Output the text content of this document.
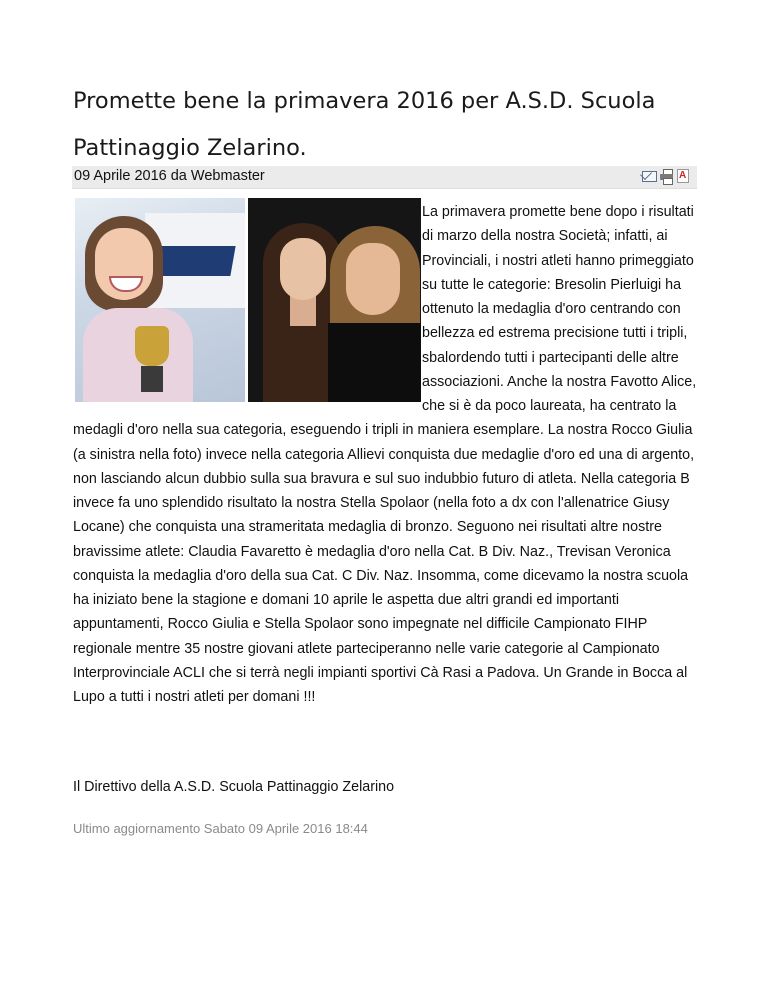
Promette bene la primavera 2016 per A.S.D. Scuola Pattinaggio Zelarino.
09 Aprile 2016 da Webmaster	A

La primavera promette bene dopo i risultati di marzo della nostra Società; infatti, ai Provinciali, i nostri atleti hanno primeggiato su tutte le categorie: Bresolin Pierluigi ha ottenuto la medaglia d'oro centrando con bellezza ed estrema precisione tutti i tripli, sbalordendo tutti i partecipanti delle altre associazioni. Anche la nostra Favotto Alice, che si è da poco laureata, ha centrato la medagli d'oro nella sua categoria, eseguendo i tripli in maniera esemplare. La nostra Rocco Giulia (a sinistra nella foto) invece nella categoria Allievi conquista due medaglie d'oro ed una di argento, non lasciando alcun dubbio sulla sua bravura e sul suo indubbio futuro di atleta. Nella categoria B invece fa uno splendido risultato la nostra Stella Spolaor (nella foto a dx con l'allenatrice Giusy Locane) che conquista una strameritata medaglia di bronzo. Seguono nei risultati altre nostre bravissime atlete: Claudia Favaretto è medaglia d'oro nella Cat. B Div. Naz., Trevisan Veronica conquista la medaglia d'oro della sua Cat. C Div. Naz. Insomma, come dicevamo la nostra scuola ha iniziato bene la stagione e domani 10 aprile le aspetta due altri grandi ed importanti appuntamenti, Rocco Giulia e Stella Spolaor sono impegnate nel difficile Campionato FIHP regionale mentre 35 nostre giovani atlete parteciperanno nelle varie categorie al Campionato Interprovinciale ACLI che si terrà negli impianti sportivi Cà Rasi a Padova. Un Grande in Bocca al Lupo a tutti i nostri atleti per domani !!!

Il Direttivo della A.S.D. Scuola Pattinaggio Zelarino
Ultimo aggiornamento Sabato 09 Aprile 2016 18:44
